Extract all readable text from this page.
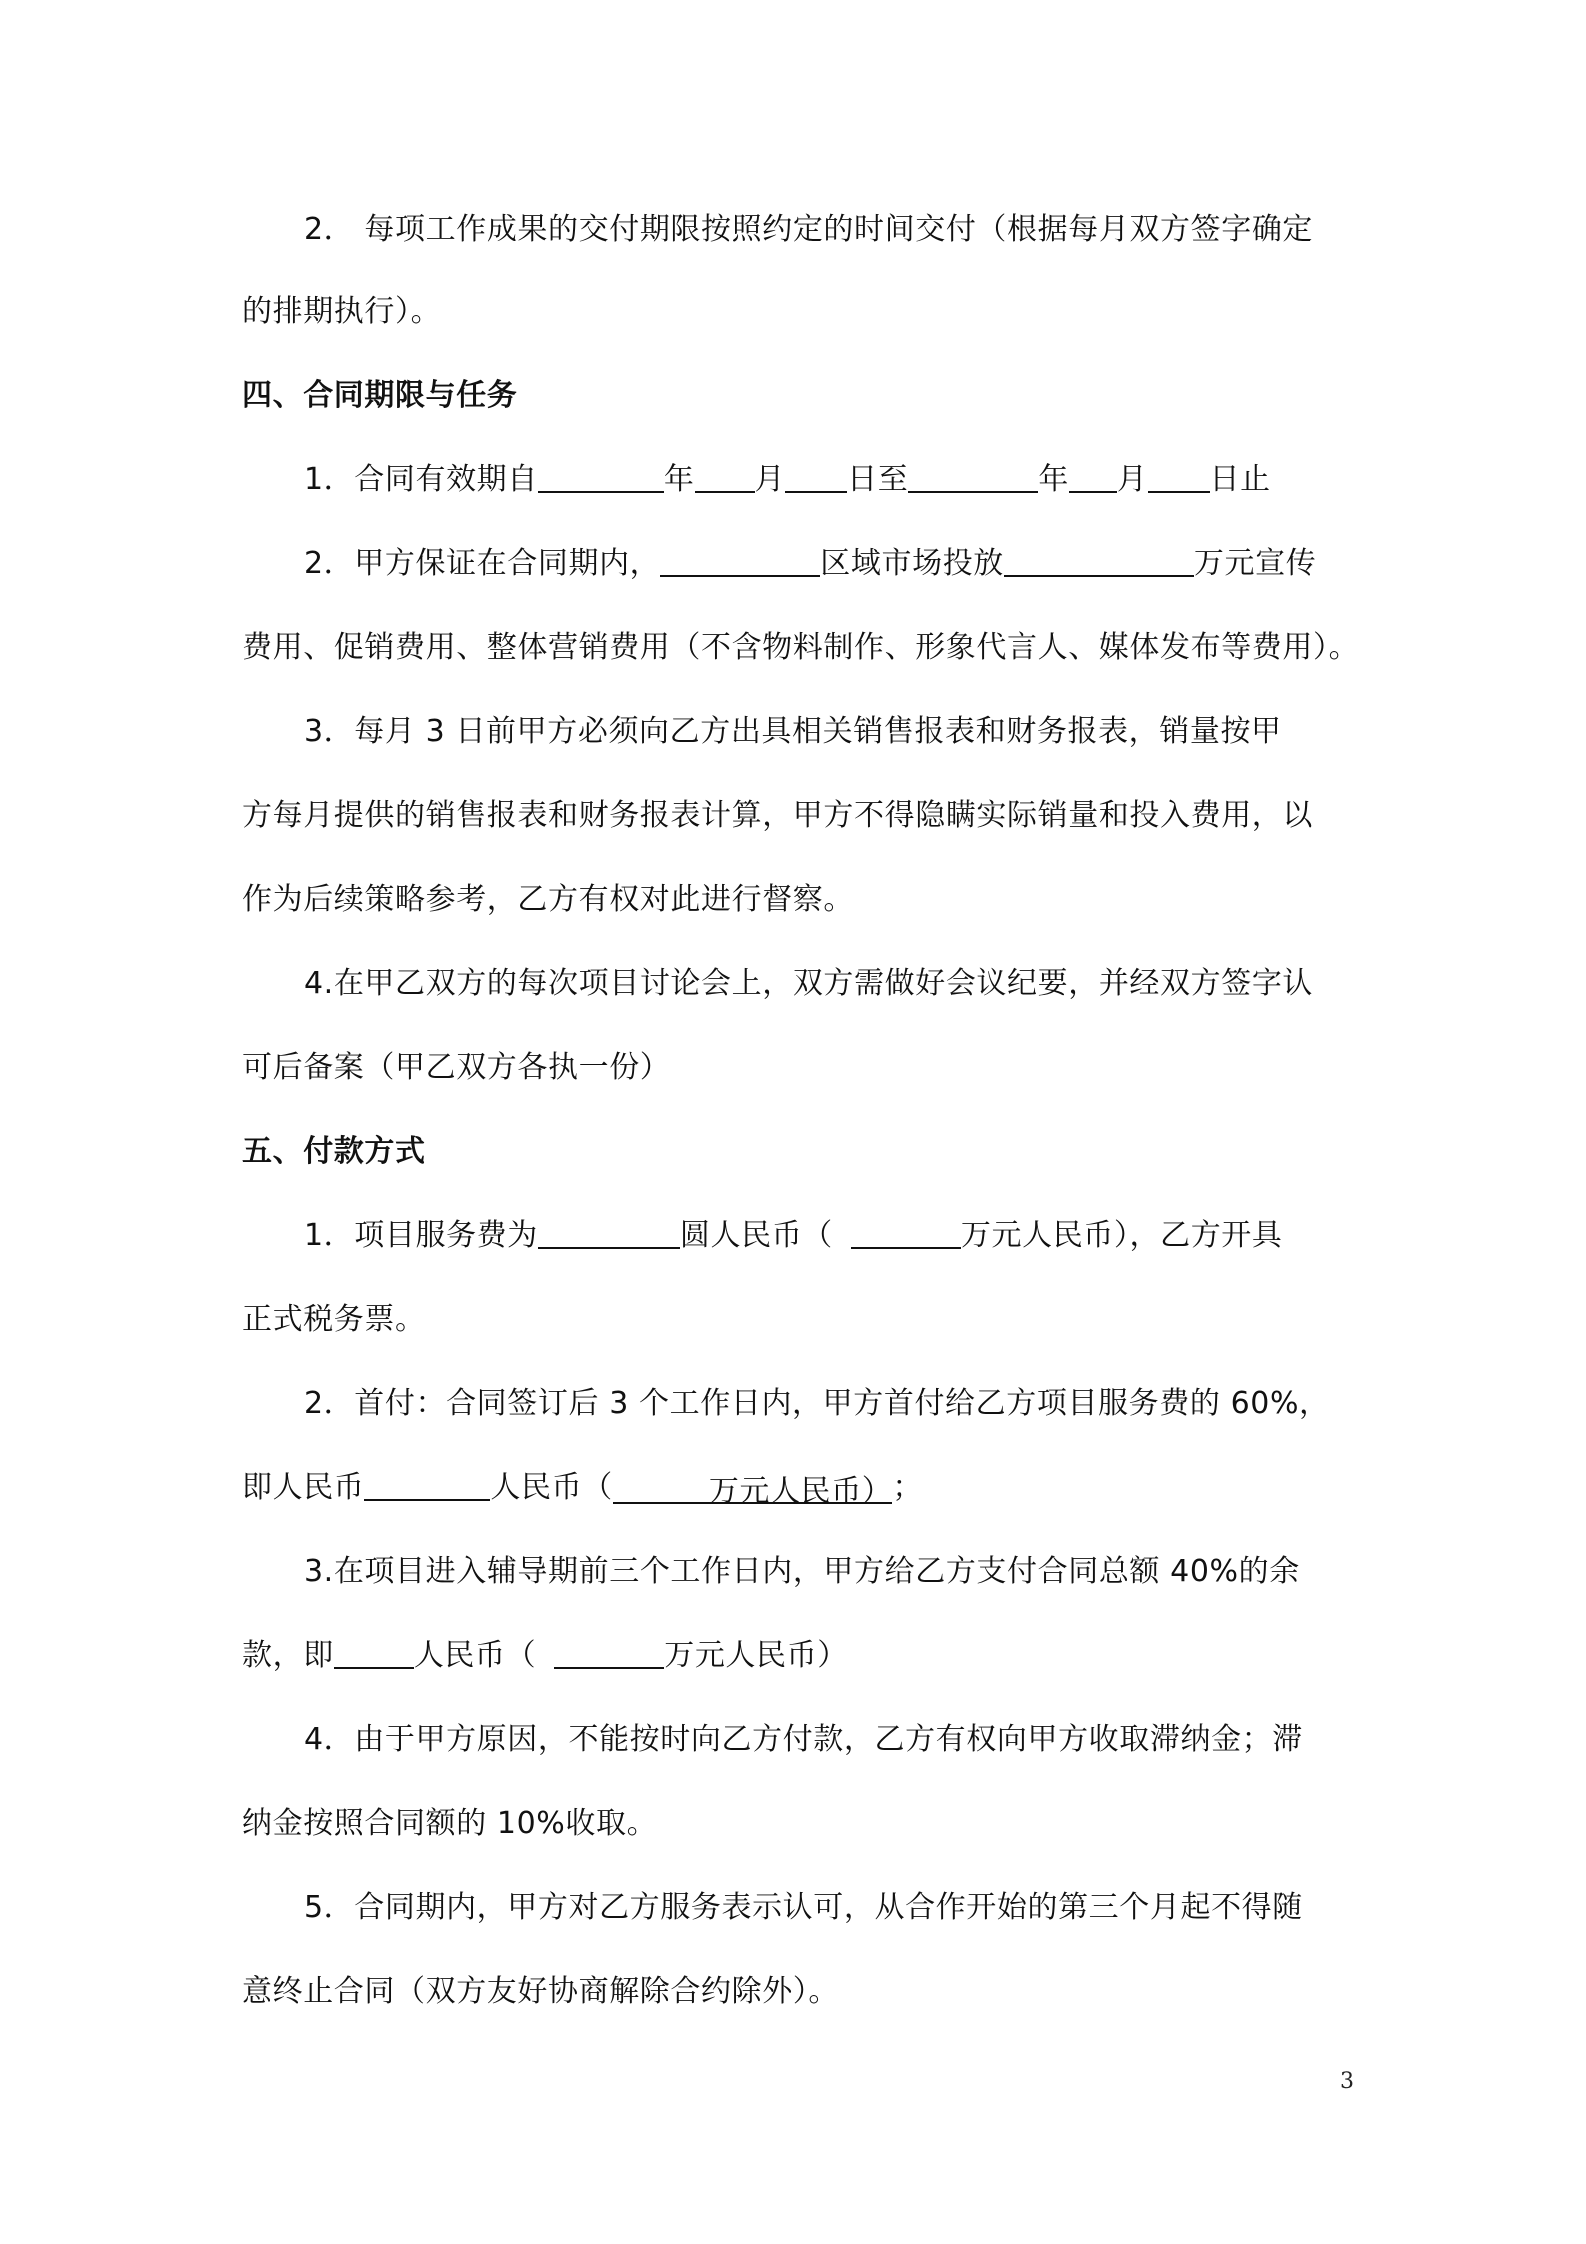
2． 每项工作成果的交付期限按照约定的时间交付（根据每月双方签字确定
的排期执行）。
四、合同期限与任务
1．合同有效期自	年 月 日至	年 月 日止
2．甲方保证在合同期内，	区域市场投放	万元宣传
费用、促销费用、整体营销费用（不含物料制作、形象代言人、媒体发布等费用）。
3．每月 3 日前甲方必须向乙方出具相关销售报表和财务报表，销量按甲
方每月提供的销售报表和财务报表计算，甲方不得隐瞒实际销量和投入费用，以
作为后续策略参考，乙方有权对此进行督察。
4.在甲乙双方的每次项目讨论会上，双方需做好会议纪要，并经双方签字认
可后备案（甲乙双方各执一份）
五、付款方式
1．项目服务费为	圆人民币（	万元人民币），乙方开具
正式税务票。
2．首付：合同签订后 3 个工作日内，甲方首付给乙方项目服务费的 60%，
即人民币	人民币（	万元人民币）；
3.在项目进入辅导期前三个工作日内，甲方给乙方支付合同总额 40%的余
款，即	人民币（	万元人民币）
4．由于甲方原因，不能按时向乙方付款，乙方有权向甲方收取滞纳金；滞
纳金按照合同额的 10%收取。
5．合同期内，甲方对乙方服务表示认可，从合作开始的第三个月起不得随
意终止合同（双方友好协商解除合约除外）。
3
